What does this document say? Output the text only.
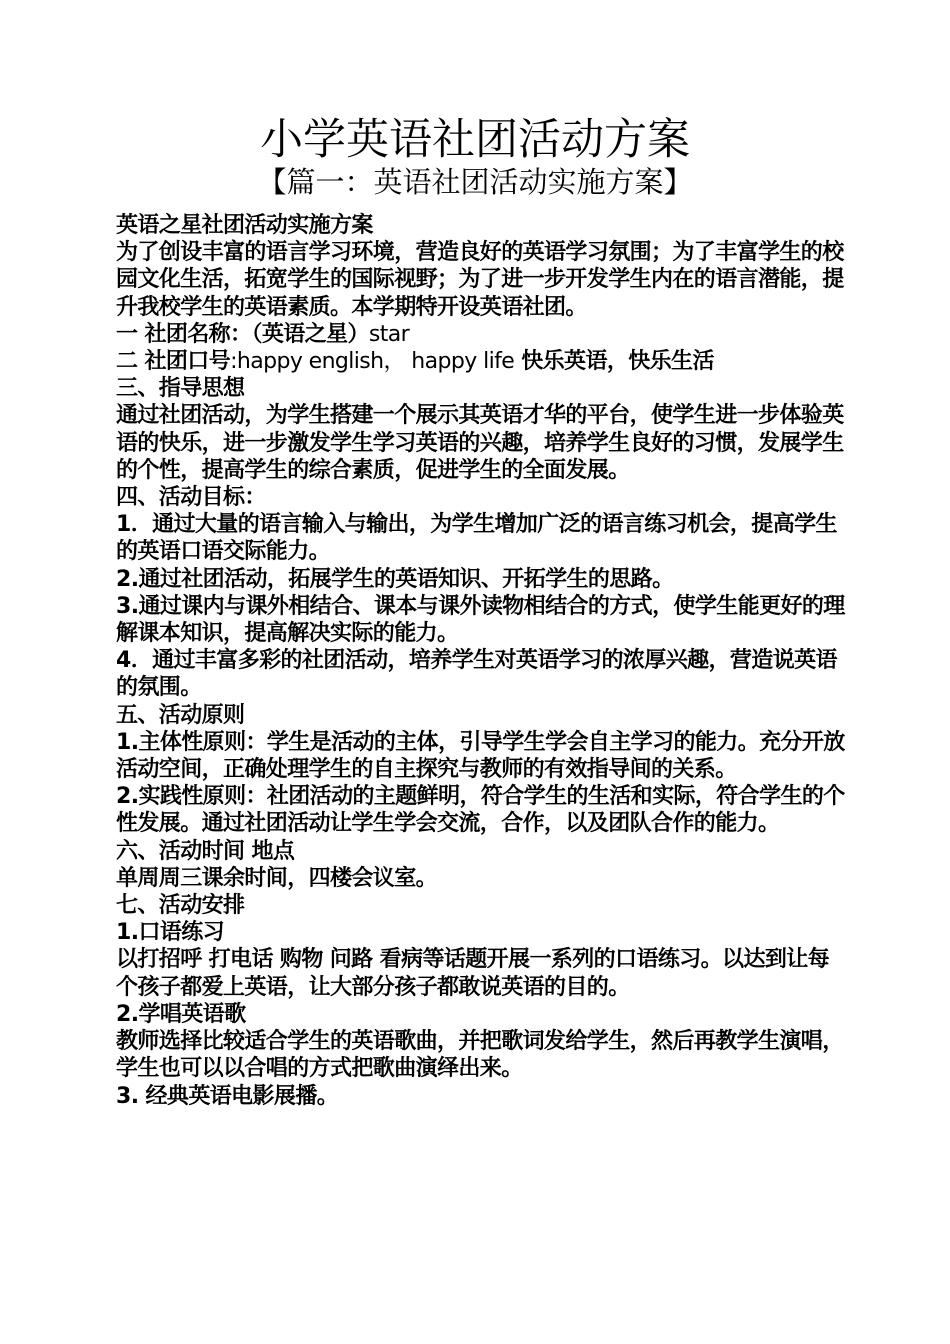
小学英语社团活动方案
【篇一：英语社团活动实施方案】

英语之星社团活动实施方案

为了创设丰富的语言学习环境，营造良好的英语学习氛围；为了丰富学生的校园文化生活，拓宽学生的国际视野；为了进一步开发学生内在的语言潜能，提升我校学生的英语素质。本学期特开设英语社团。

一 社团名称：（英语之星）star

二 社团口号:happy english， happy life 快乐英语，快乐生活

三、指导思想

通过社团活动，为学生搭建一个展示其英语才华的平台，使学生进一步体验英语的快乐，进一步激发学生学习英语的兴趣，培养学生良好的习惯，发展学生的个性，提高学生的综合素质，促进学生的全面发展。

四、活动目标：

1．通过大量的语言输入与输出，为学生增加广泛的语言练习机会，提高学生的英语口语交际能力。

2.通过社团活动，拓展学生的英语知识、开拓学生的思路。

3.通过课内与课外相结合、课本与课外读物相结合的方式，使学生能更好的理解课本知识，提高解决实际的能力。

4．通过丰富多彩的社团活动，培养学生对英语学习的浓厚兴趣，营造说英语的氛围。

五、活动原则

1.主体性原则：学生是活动的主体，引导学生学会自主学习的能力。充分开放活动空间，正确处理学生的自主探究与教师的有效指导间的关系。

2.实践性原则：社团活动的主题鲜明，符合学生的生活和实际，符合学生的个性发展。通过社团活动让学生学会交流，合作，以及团队合作的能力。

六、活动时间 地点

单周周三课余时间，四楼会议室。

七、活动安排

1.口语练习

以打招呼 打电话 购物 问路 看病等话题开展一系列的口语练习。以达到让每个孩子都爱上英语，让大部分孩子都敢说英语的目的。

2.学唱英语歌

教师选择比较适合学生的英语歌曲，并把歌词发给学生，然后再教学生演唱，学生也可以以合唱的方式把歌曲演绎出来。

3. 经典英语电影展播。
